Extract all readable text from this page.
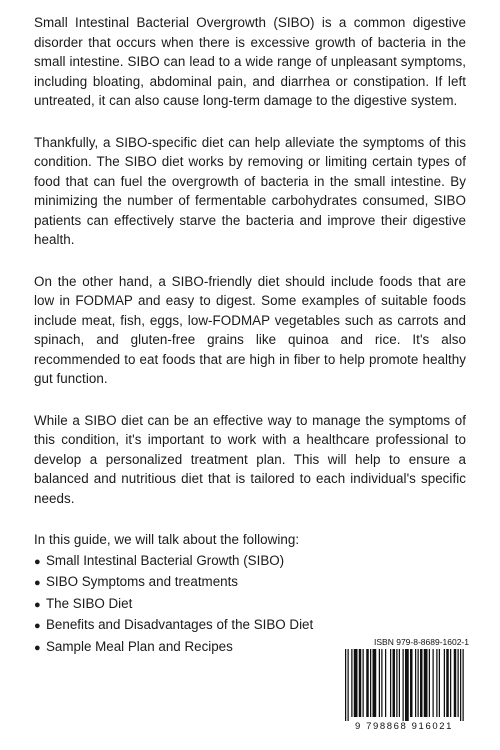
Small Intestinal Bacterial Overgrowth (SIBO) is a common digestive disorder that occurs when there is excessive growth of bacteria in the small intestine. SIBO can lead to a wide range of unpleasant symptoms, including bloating, abdominal pain, and diarrhea or constipation. If left untreated, it can also cause long-term damage to the digestive system.

Thankfully, a SIBO-specific diet can help alleviate the symptoms of this condition. The SIBO diet works by removing or limiting certain types of food that can fuel the overgrowth of bacteria in the small intestine. By minimizing the number of fermentable carbohydrates consumed, SIBO patients can effectively starve the bacteria and improve their digestive health.

On the other hand, a SIBO-friendly diet should include foods that are low in FODMAP and easy to digest. Some examples of suitable foods include meat, fish, eggs, low-FODMAP vegetables such as carrots and spinach, and gluten-free grains like quinoa and rice. It's also recommended to eat foods that are high in fiber to help promote healthy gut function.

While a SIBO diet can be an effective way to manage the symptoms of this condition, it's important to work with a healthcare professional to develop a personalized treatment plan. This will help to ensure a balanced and nutritious diet that is tailored to each individual's specific needs.

In this guide, we will talk about the following:

● Small Intestinal Bacterial Growth (SIBO)
● SIBO Symptoms and treatments
● The SIBO Diet
● Benefits and Disadvantages of the SIBO Diet
● Sample Meal Plan and Recipes	ISBN 979-8-8689-1602-1
9 798868 916021
